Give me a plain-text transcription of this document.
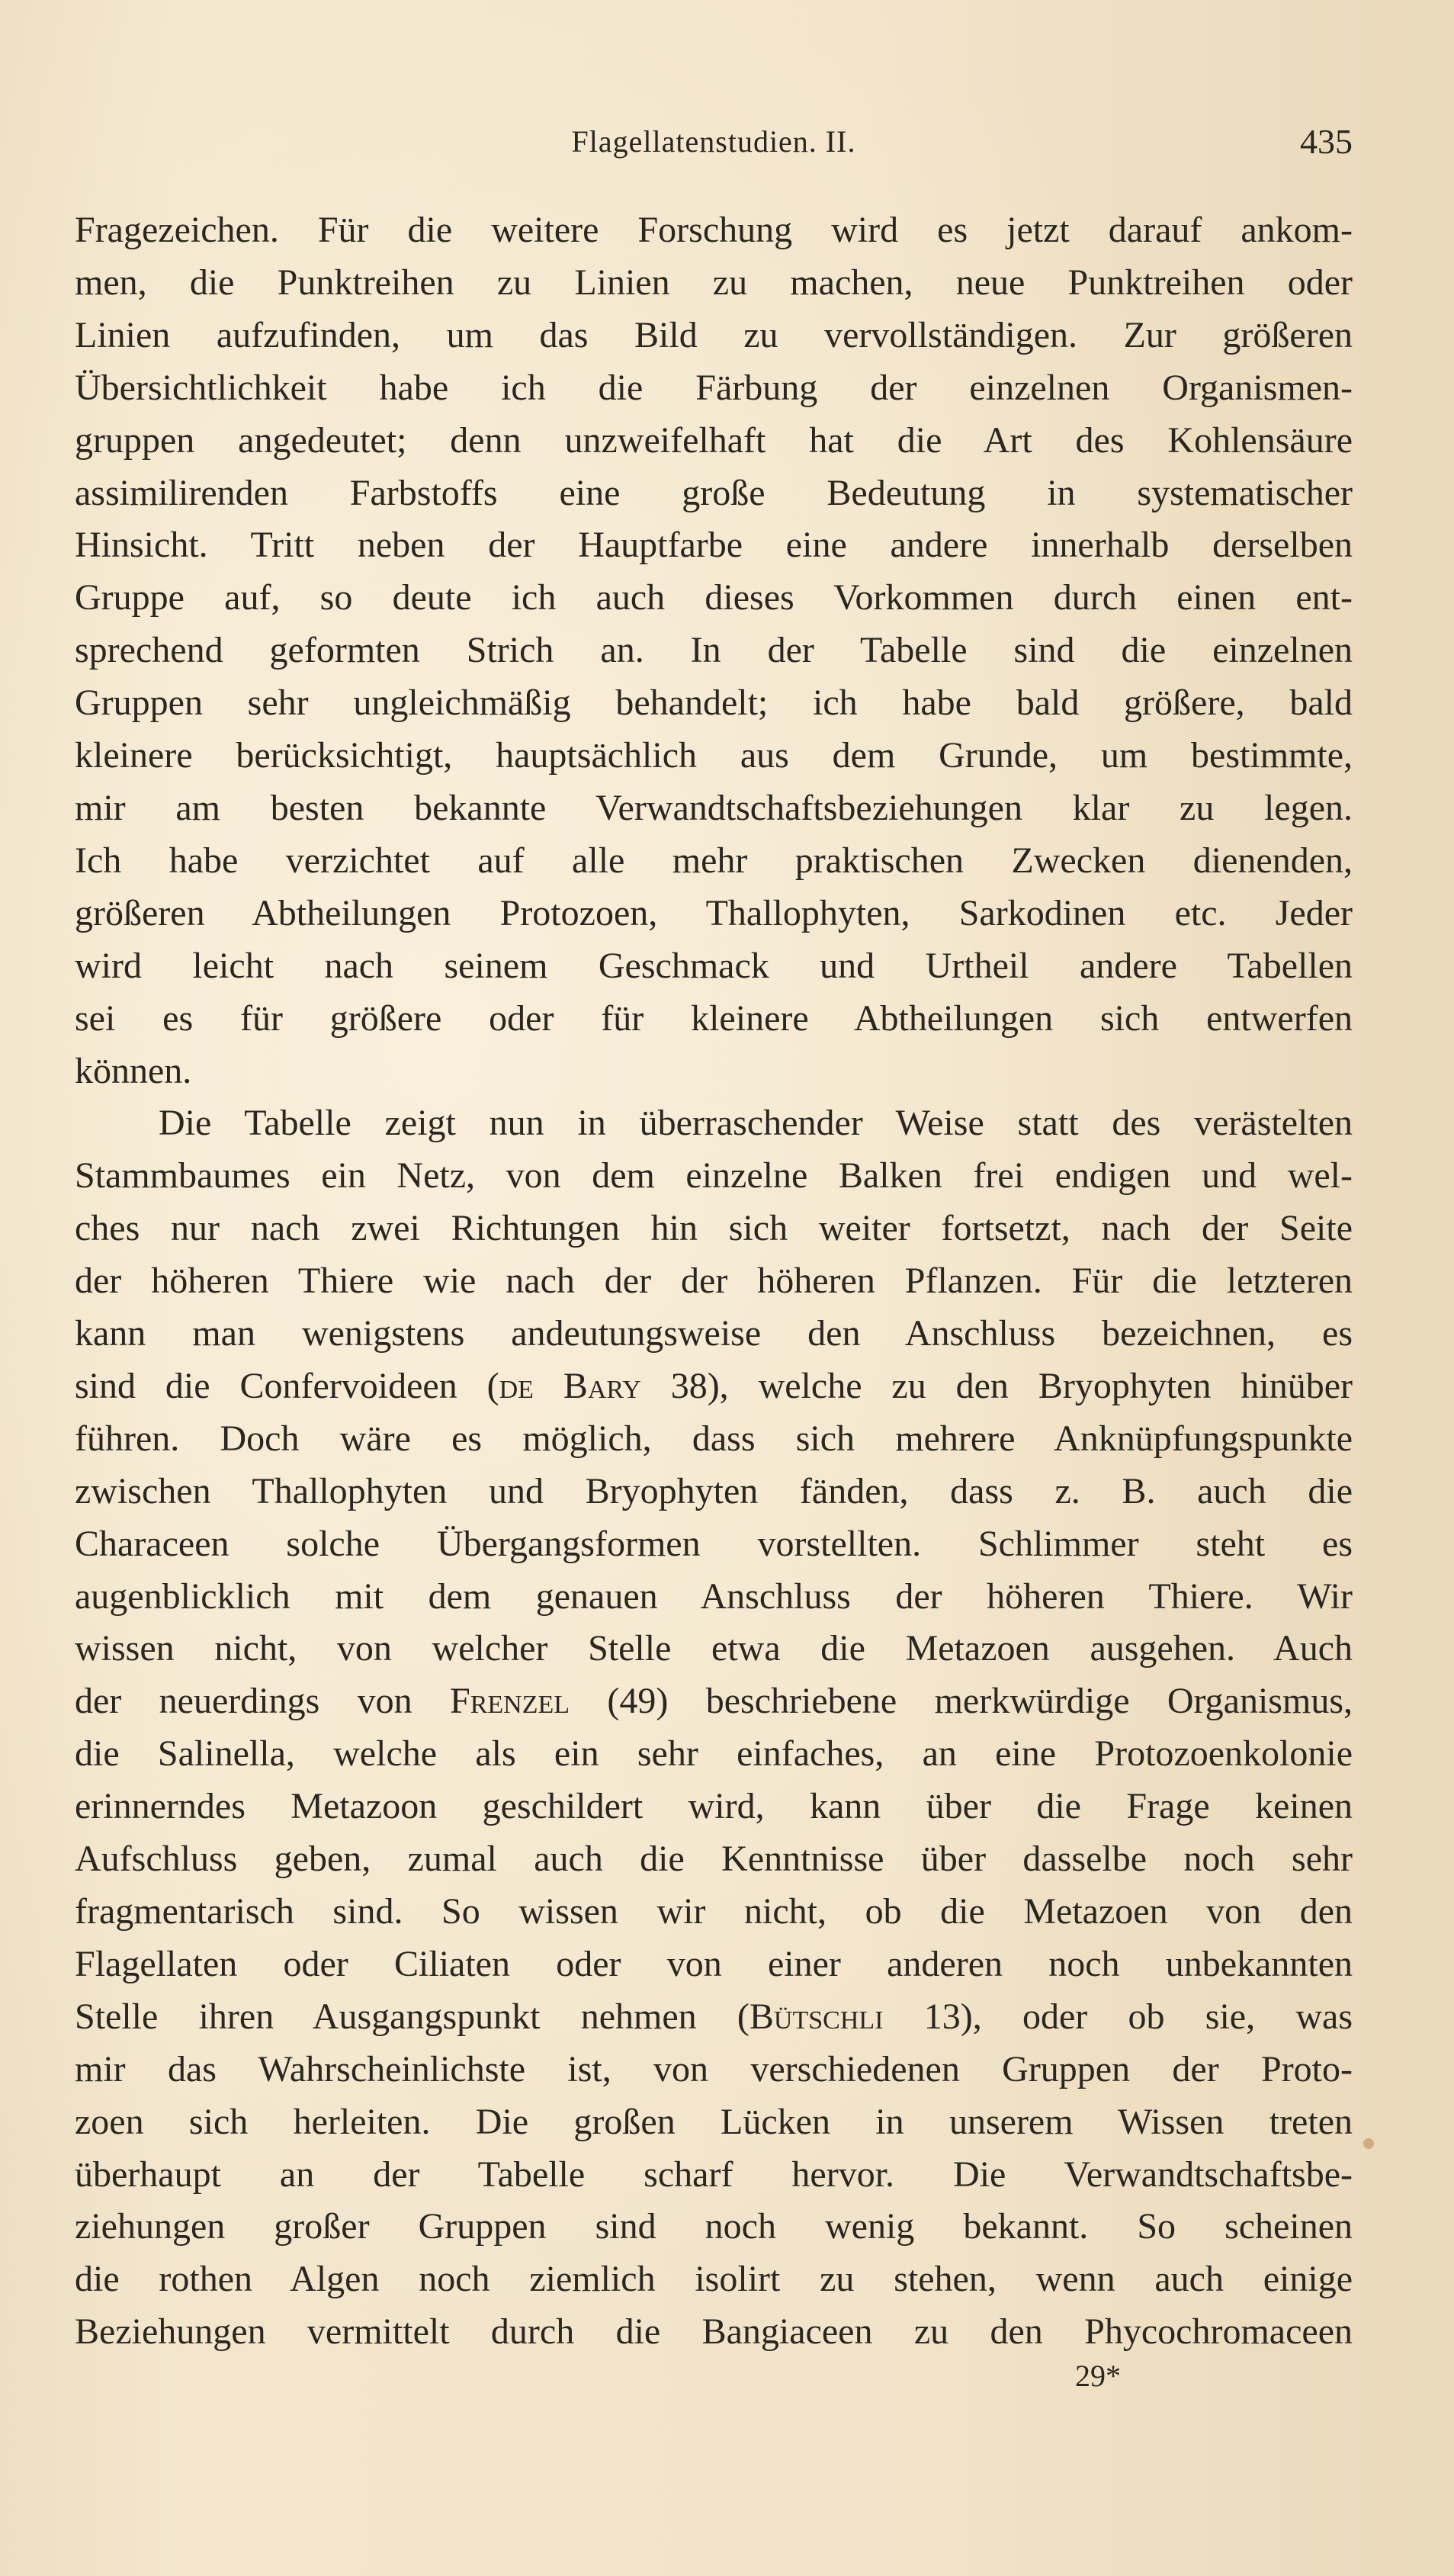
Flagellatenstudien. II.	435

Fragezeichen. Für die weitere Forschung wird es jetzt darauf ankom-
men, die Punktreihen zu Linien zu machen, neue Punktreihen oder
Linien aufzufinden, um das Bild zu vervollständigen. Zur größeren
Übersichtlichkeit habe ich die Färbung der einzelnen Organismen-
gruppen angedeutet; denn unzweifelhaft hat die Art des Kohlensäure
assimilirenden Farbstoffs eine große Bedeutung in systematischer
Hinsicht. Tritt neben der Hauptfarbe eine andere innerhalb derselben
Gruppe auf, so deute ich auch dieses Vorkommen durch einen ent-
sprechend geformten Strich an. In der Tabelle sind die einzelnen
Gruppen sehr ungleichmäßig behandelt; ich habe bald größere, bald
kleinere berücksichtigt, hauptsächlich aus dem Grunde, um bestimmte,
mir am besten bekannte Verwandtschaftsbeziehungen klar zu legen.
Ich habe verzichtet auf alle mehr praktischen Zwecken dienenden,
größeren Abtheilungen Protozoen, Thallophyten, Sarkodinen etc. Jeder
wird leicht nach seinem Geschmack und Urtheil andere Tabellen
sei es für größere oder für kleinere Abtheilungen sich entwerfen
können.

Die Tabelle zeigt nun in überraschender Weise statt des verästelten
Stammbaumes ein Netz, von dem einzelne Balken frei endigen und wel-
ches nur nach zwei Richtungen hin sich weiter fortsetzt, nach der Seite
der höheren Thiere wie nach der der höheren Pflanzen. Für die letzteren
kann man wenigstens andeutungsweise den Anschluss bezeichnen, es
sind die Confervoideen (de Bary 38), welche zu den Bryophyten hinüber
führen. Doch wäre es möglich, dass sich mehrere Anknüpfungspunkte
zwischen Thallophyten und Bryophyten fänden, dass z. B. auch die
Characeen solche Übergangsformen vorstellten. Schlimmer steht es
augenblicklich mit dem genauen Anschluss der höheren Thiere. Wir
wissen nicht, von welcher Stelle etwa die Metazoen ausgehen. Auch
der neuerdings von Frenzel (49) beschriebene merkwürdige Organismus,
die Salinella, welche als ein sehr einfaches, an eine Protozoenkolonie
erinnerndes Metazoon geschildert wird, kann über die Frage keinen
Aufschluss geben, zumal auch die Kenntnisse über dasselbe noch sehr
fragmentarisch sind. So wissen wir nicht, ob die Metazoen von den
Flagellaten oder Ciliaten oder von einer anderen noch unbekannten
Stelle ihren Ausgangspunkt nehmen (Bütschli 13), oder ob sie, was
mir das Wahrscheinlichste ist, von verschiedenen Gruppen der Proto-
zoen sich herleiten. Die großen Lücken in unserem Wissen treten
überhaupt an der Tabelle scharf hervor. Die Verwandtschaftsbe-
ziehungen großer Gruppen sind noch wenig bekannt. So scheinen
die rothen Algen noch ziemlich isolirt zu stehen, wenn auch einige
Beziehungen vermittelt durch die Bangiaceen zu den Phycochromaceen

29*
